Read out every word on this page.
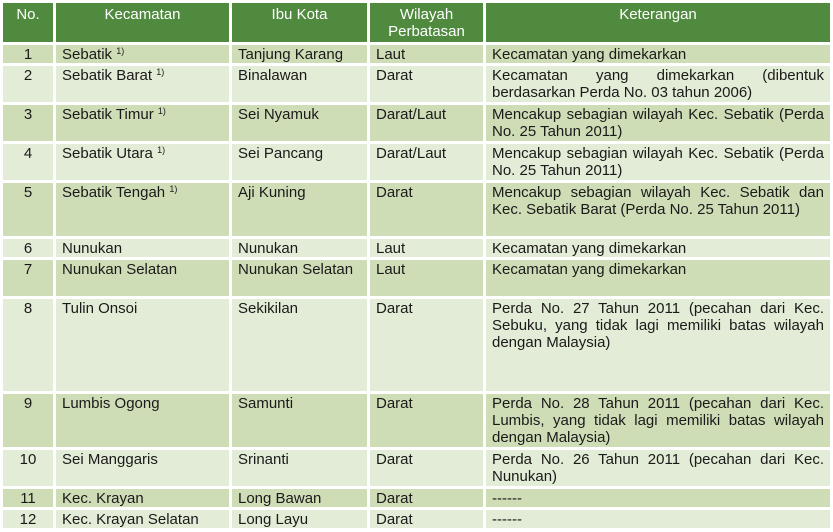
No.	Kecamatan	Ibu Kota	Wilayah Perbatasan	Keterangan
1	Sebatik $^{1)}$	Tanjung Karang	Laut	Kecamatan yang dimekarkan
2	Sebatik Barat $^{1)}$	Binalawan	Darat	Kecamatan yang dimekarkan (dibentuk berdasarkan Perda No. 03 tahun 2006)
3	Sebatik Timur $^{1)}$	Sei Nyamuk	Darat/Laut	Mencakup sebagian wilayah Kec. Sebatik (Perda No. 25 Tahun 2011)
4	Sebatik Utara $^{1)}$	Sei Pancang	Darat/Laut	Mencakup sebagian wilayah Kec. Sebatik (Perda No. 25 Tahun 2011)
5	Sebatik Tengah $^{1)}$	Aji Kuning	Darat	Mencakup sebagian wilayah Kec. Sebatik dan Kec. Sebatik Barat (Perda No. 25 Tahun 2011)
6	Nunukan	Nunukan	Laut	Kecamatan yang dimekarkan
7	Nunukan Selatan	Nunukan Selatan	Laut	Kecamatan yang dimekarkan
8	Tulin Onsoi	Sekikilan	Darat	Perda No. 27 Tahun 2011 (pecahan dari Kec. Sebuku, yang tidak lagi memiliki batas wilayah dengan Malaysia)
9	Lumbis Ogong	Samunti	Darat	Perda No. 28 Tahun 2011 (pecahan dari Kec. Lumbis, yang tidak lagi memiliki batas wilayah dengan Malaysia)
10	Sei Manggaris	Srinanti	Darat	Perda No. 26 Tahun 2011 (pecahan dari Kec. Nunukan)
11	Kec. Krayan	Long Bawan	Darat	------
12	Kec. Krayan Selatan	Long Layu	Darat	------
